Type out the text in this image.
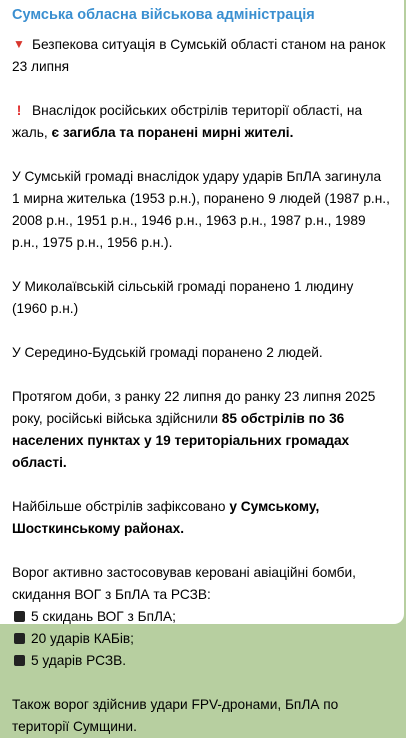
Сумська обласна військова адміністрація
▼ Безпекова ситуація в Сумській області станом на ранок 23 липня
! Внаслідок російських обстрілів території області, на жаль, є загибла та поранені мирні жителі.
У Сумській громаді внаслідок удару ударів БпЛА загинула 1 мирна жителька (1953 р.н.), поранено 9 людей (1987 р.н., 2008 р.н., 1951 р.н., 1946 р.н., 1963 р.н., 1987 р.н., 1989 р.н., 1975 р.н., 1956 р.н.).
У Миколаївській сільській громаді поранено 1 людину (1960 р.н.)
У Середино-Будській громаді поранено 2 людей.
Протягом доби, з ранку 22 липня до ранку 23 липня 2025 року, російські війська здійснили 85 обстрілів по 36 населених пунктах у 19 територіальних громадах області.
Найбільше обстрілів зафіксовано у Сумському, Шосткинському районах.
Ворог активно застосовував керовані авіаційні бомби, скидання ВОГ з БпЛА та РСЗВ:
5 скидань ВОГ з БпЛА;
20 ударів КАБів;
5 ударів РСЗВ.
Також ворог здійснив удари FPV-дронами, БпЛА по території Сумщини.
